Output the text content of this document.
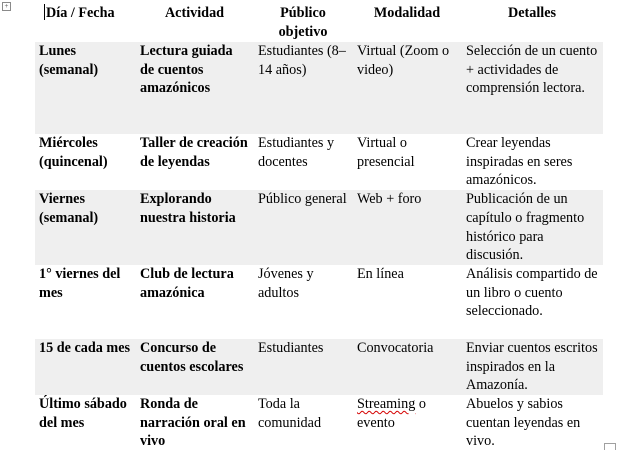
+	Día / Fecha	Actividad	Público objetivo	Modalidad	Detalles
Lunes (semanal)	Lectura guiada de cuentos amazónicos	Estudiantes (8–14 años)	Virtual (Zoom o video)	Selección de un cuento + actividades de comprensión lectora.
Miércoles (quincenal)	Taller de creación de leyendas	Estudiantes y docentes	Virtual o presencial	Crear leyendas inspiradas en seres amazónicos.
Viernes (semanal)	Explorando nuestra historia	Público general	Web + foro	Publicación de un capítulo o fragmento histórico para discusión.
1° viernes del mes	Club de lectura amazónica	Jóvenes y adultos	En línea	Análisis compartido de un libro o cuento seleccionado.
15 de cada mes	Concurso de cuentos escolares	Estudiantes	Convocatoria	Enviar cuentos escritos inspirados en la Amazonía.
Último sábado del mes	Ronda de narración oral en vivo	Toda la comunidad	Streaming o evento	Abuelos y sabios cuentan leyendas en vivo.
